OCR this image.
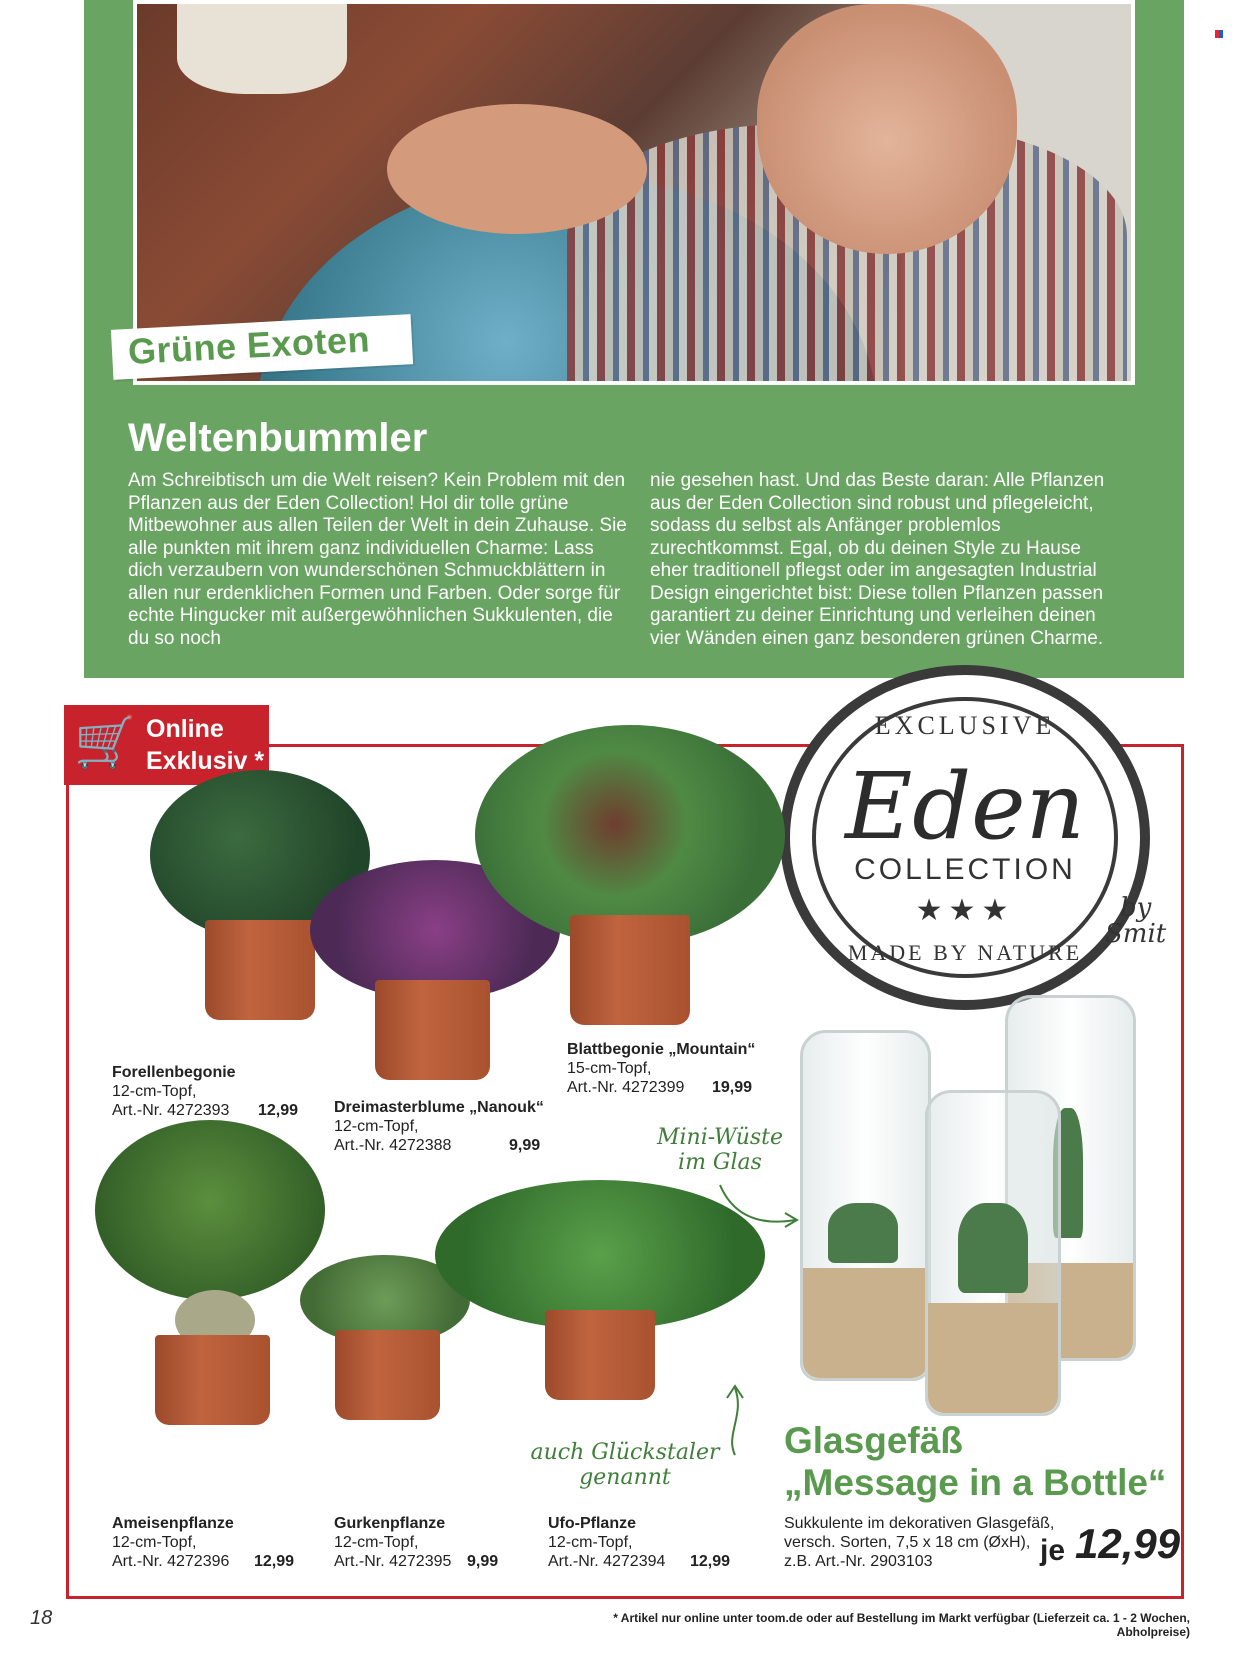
Grüne Exoten
Weltenbummler
Am Schreibtisch um die Welt reisen? Kein Problem mit den Pflanzen aus der Eden Collection! Hol dir tolle grüne Mitbewohner aus allen Teilen der Welt in dein Zuhause. Sie alle punkten mit ihrem ganz individuellen Charme: Lass dich verzaubern von wunderschönen Schmuckblättern in allen nur erdenklichen Formen und Farben. Oder sorge für echte Hingucker mit außergewöhnlichen Sukkulenten, die du so noch
nie gesehen hast. Und das Beste daran: Alle Pflanzen aus der Eden Collection sind robust und pflegeleicht, sodass du selbst als Anfänger problemlos zurechtkommst. Egal, ob du deinen Style zu Hause eher traditionell pflegst oder im angesagten Industrial Design eingerichtet bist: Diese tollen Pflanzen passen garantiert zu deiner Einrichtung und verleihen deinen vier Wänden einen ganz besonderen grünen Charme.
🛒 Online
Exklusiv *
EXCLUSIVE
Eden
COLLECTION
★★★
MADE BY NATURE
by
Smit
Forellenbegonie
12-cm-Topf,
Art.-Nr. 4272393 12,99 Dreimasterblume „Nanouk“
12-cm-Topf,
Art.-Nr. 4272388	9,99
Blattbegonie „Mountain“
15-cm-Topf,
Art.-Nr. 4272399 19,99
Ameisenpflanze
12-cm-Topf,
Art.-Nr. 4272396 12,99
Gurkenpflanze
12-cm-Topf,
Art.-Nr. 4272395 9,99
Ufo-Pflanze
12-cm-Topf,
Art.-Nr. 4272394 12,99
Mini-Wüste
im Glas
auch Glückstaler
genannt
Glasgefäß
„Message in a Bottle“
Sukkulente im dekorativen Glasgefäß,
versch. Sorten, 7,5 x 18 cm (ØxH),
z.B. Art.-Nr. 2903103	je 12,99
18	* Artikel nur online unter toom.de oder auf Bestellung im Markt verfügbar (Lieferzeit ca. 1 - 2 Wochen, Abholpreise)
